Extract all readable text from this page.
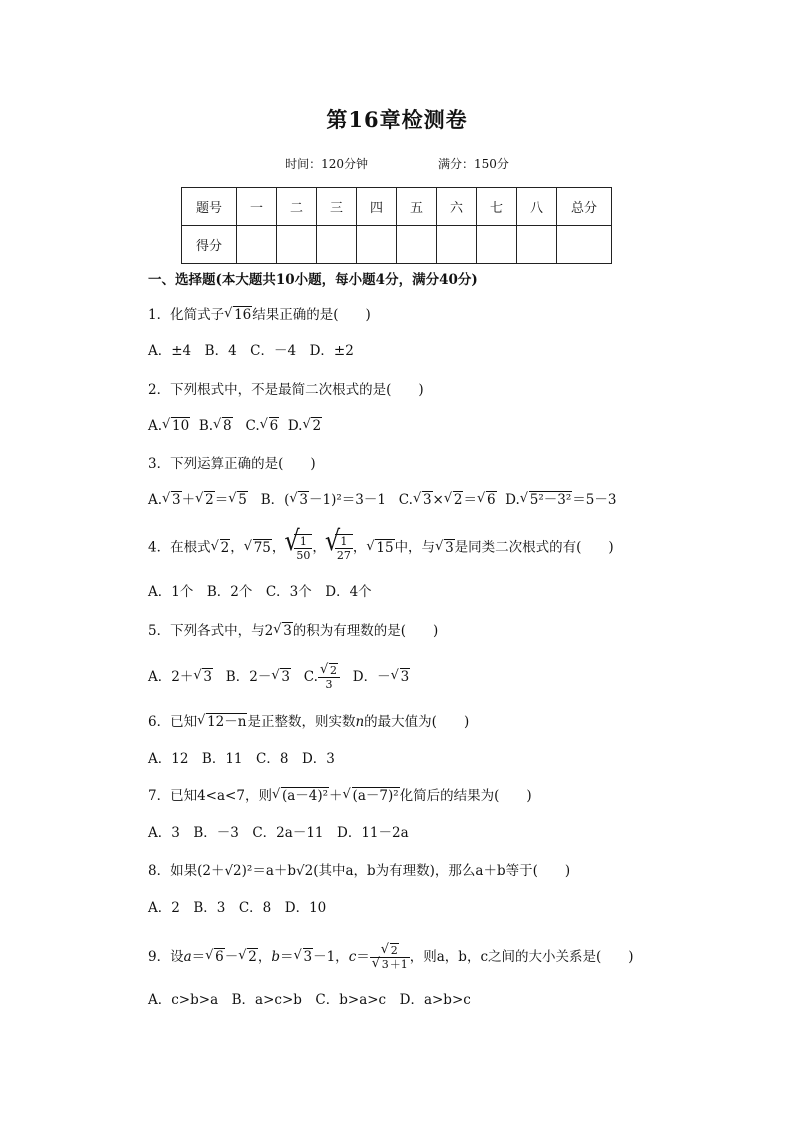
第16章检测卷
时间：120分钟	满分：150分
题号	一	二	三	四	五	六	七	八	总分
得分									
一、选择题(本大题共10小题，每小题4分，满分40分)
1．化简式子 √ 16结果正确的是(　　)
A．±4　B．4　C．－4　D．±2
2．下列根式中，不是最简二次根式的是(　　)
A. √ 10 B. √ 8 C. √ 6 D. √ 2
3．下列运算正确的是(　　)
A. √ 3＋ √ 2＝ √ 5   B．( √ 3－1)²＝3－1   C. √ 3× √ 2＝ √ 6  D. √ 5²－3²＝5－3
4．在根式 √ 2， √ 75， √ $\frac{1}{50}$ ， √ $\frac{1}{27}$ ， √ 15中，与 √ 3是同类二次根式的有(　　)
A．1个　B．2个　C．3个　D．4个
5．下列各式中，与2 √ 3的积为有理数的是(　　)
A．2＋ √ 3   B．2－ √ 3   C. √ $\frac{2}{3}$ D．－ √ 3
6．已知 √ 12－n是正整数，则实数n的最大值为(　　)
A．12　B．11　C．8　D．3
7．已知4<a<7，则 √ (a－4)²＋ √ (a－7)²化简后的结果为(　　)
A．3　B．－3　C．2a－11　D．11－2a
8．如果(2＋√2)²＝a＋b√2(其中a，b为有理数)，那么a＋b等于(　　)
A．2　B．3　C．8　D．10
9．设a＝ √ 6－ √ 2，b＝ √ 3－1，c＝ √ 2
√ 3＋1 ，则a，b，c之间的大小关系是(　　)
A．c>b>a　B．a>c>b　C．b>a>c　D．a>b>c
